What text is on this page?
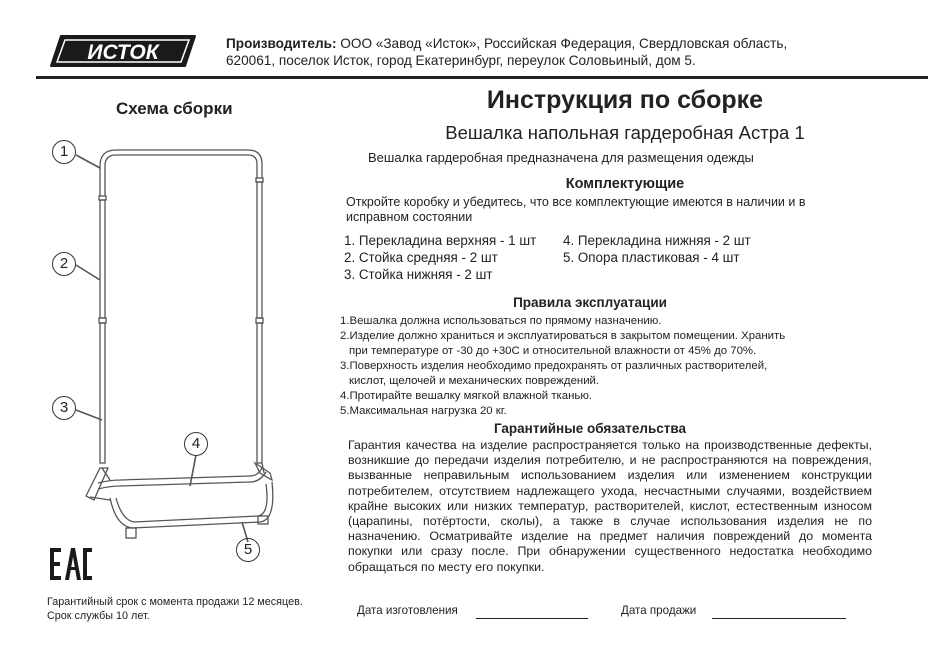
ИСТОК	Производитель: ООО «Завод «Исток», Российская Федерация, Свердловская область,
620061, поселок Исток, город Екатеринбург, переулок Соловьиный, дом 5.
Схема сборки
1
2
3
4
5
Гарантийный срок с момента продажи 12 месяцев.
Срок службы 10 лет.
Инструкция по сборке
Вешалка напольная гардеробная Астра 1
Вешалка гардеробная предназначена для размещения одежды
Комплектующие
Откройте коробку и убедитесь, что все комплектующие имеются в наличии и в
исправном состоянии
1. Перекладина верхняя - 1 шт
2. Стойка средняя - 2 шт
3. Стойка нижняя - 2 шт
4. Перекладина нижняя - 2 шт
5. Опора пластиковая - 4 шт
Правила эксплуатации
1.Вешалка должна использоваться по прямому назначению.
2.Изделие должно храниться и эксплуатироваться в закрытом помещении. Хранить
при температуре от -30 до +30С и относительной влажности от 45% до 70%.
3.Поверхность изделия необходимо предохранять от различных растворителей,
кислот, щелочей и механических повреждений.
4.Протирайте вешалку мягкой влажной тканью.
5.Максимальная нагрузка 20 кг.
Гарантийные обязательства
Гарантия качества на изделие распространяется только на производственные дефекты, возникшие до передачи изделия потребителю, и не распространяются на повреждения, вызванные неправильным использованием изделия или изменением конструкции потребителем, отсутствием надлежащего ухода, несчастными случаями, воздействием крайне высоких или низких температур, растворителей, кислот, естественным износом (царапины, потёртости, сколы), а также в случае использования изделия не по назначению. Осматривайте изделие на предмет наличия повреждений до момента покупки или сразу после. При обнаружении существенного недостатка необходимо обращаться по месту его покупки.
Дата изготовления	Дата продажи
